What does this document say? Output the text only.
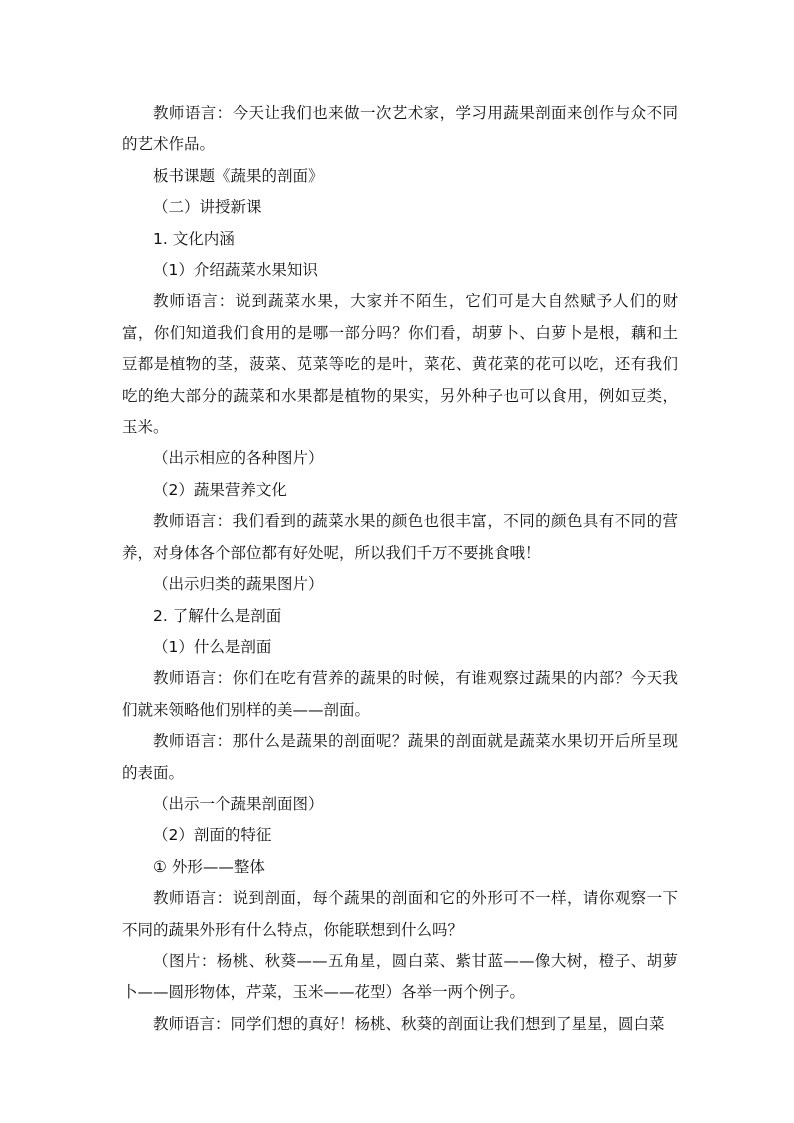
教师语言：今天让我们也来做一次艺术家，学习用蔬果剖面来创作与众不同的艺术作品。

板书课题《蔬果的剖面》

（二）讲授新课

1. 文化内涵

（1）介绍蔬菜水果知识

教师语言：说到蔬菜水果，大家并不陌生，它们可是大自然赋予人们的财富，你们知道我们食用的是哪一部分吗？你们看，胡萝卜、白萝卜是根，藕和土豆都是植物的茎，菠菜、苋菜等吃的是叶，菜花、黄花菜的花可以吃，还有我们吃的绝大部分的蔬菜和水果都是植物的果实，另外种子也可以食用，例如豆类，玉米。

（出示相应的各种图片）

（2）蔬果营养文化

教师语言：我们看到的蔬菜水果的颜色也很丰富，不同的颜色具有不同的营养，对身体各个部位都有好处呢，所以我们千万不要挑食哦！

（出示归类的蔬果图片）

2. 了解什么是剖面

（1）什么是剖面

教师语言：你们在吃有营养的蔬果的时候，有谁观察过蔬果的内部？今天我们就来领略他们别样的美——剖面。

教师语言：那什么是蔬果的剖面呢？蔬果的剖面就是蔬菜水果切开后所呈现的表面。

（出示一个蔬果剖面图）

（2）剖面的特征

① 外形——整体

教师语言：说到剖面，每个蔬果的剖面和它的外形可不一样，请你观察一下不同的蔬果外形有什么特点，你能联想到什么吗？

（图片：杨桃、秋葵——五角星，圆白菜、紫甘蓝——像大树，橙子、胡萝卜——圆形物体，芹菜，玉米——花型）各举一两个例子。

教师语言：同学们想的真好！杨桃、秋葵的剖面让我们想到了星星，圆白菜
